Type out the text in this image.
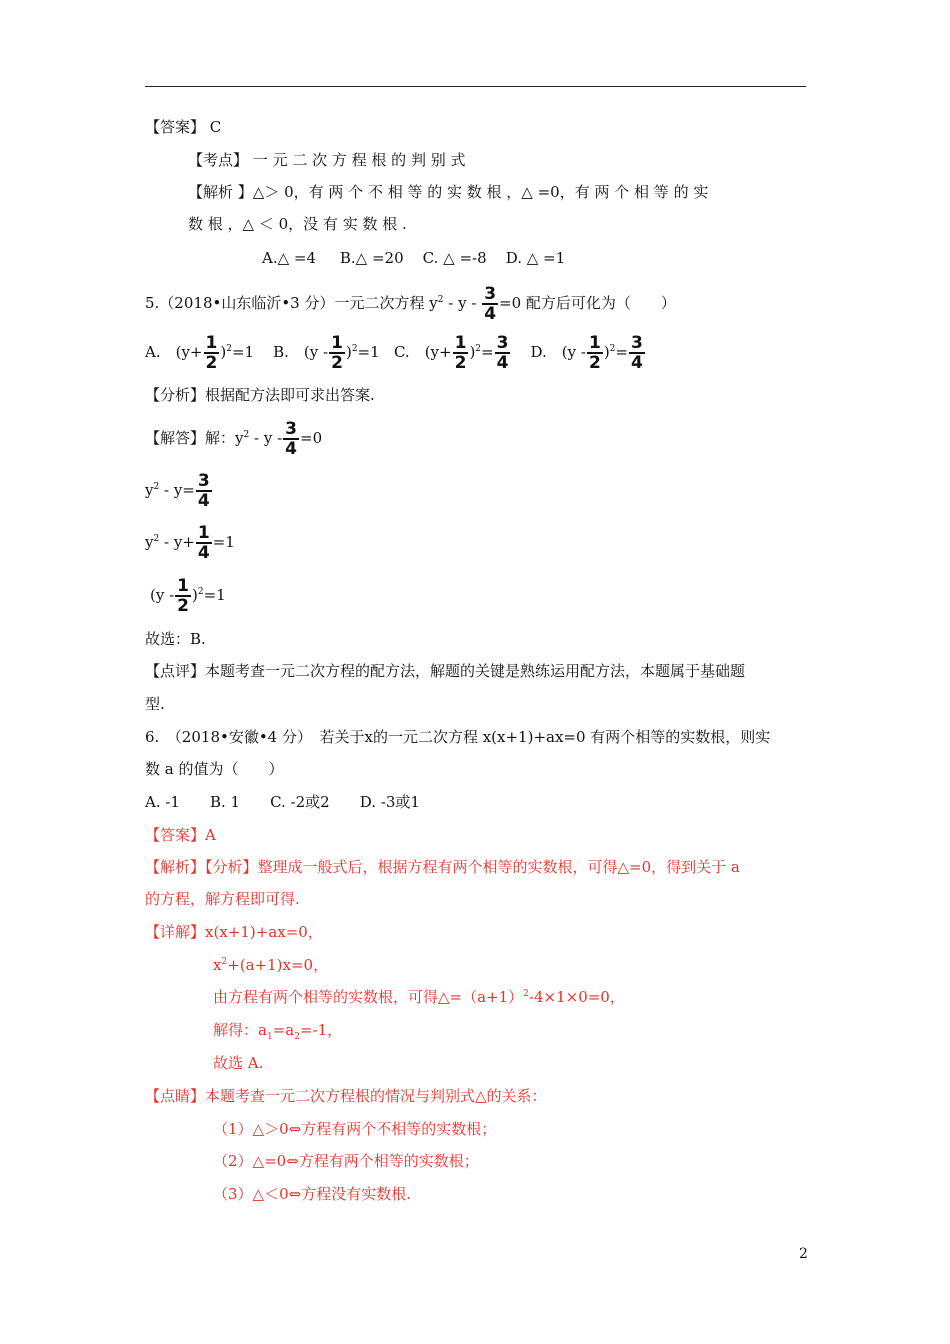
【答案】 C
【考点】 一 元 二 次 方 程 根 的 判 别 式
【解析 】△＞ 0，有 两 个 不 相 等 的 实 数 根 ，△ =0，有 两 个 相 等 的 实
数 根 ，△ ＜ 0，没 有 实 数 根 .
A.△ =4     B.△ =20    C. △ =-8    D. △ =1
5.（2018•山东临沂•3 分）一元二次方程 $y^2 - y - \frac{3}{4} =0$ 配方后可化为（　　）
A.　$(y+ \frac{1}{2} )^2=1$ B.　$(y - \frac{1}{2} )^2=1$ C.　$(y+ \frac{1}{2} )^2= \frac{3}{4} D$.　$(y - \frac{1}{2} )^2= \frac{3}{4}$
【分析】根据配方法即可求出答案.
【解答】解：$y^2 - y - \frac{3}{4} =0$
$y^2 - y= \frac{3}{4}$
$y^2 - y+ \frac{1}{4} =1$
$(y - \frac{1}{2} )^2=1$
故选：B.
【点评】本题考查一元二次方程的配方法，解题的关键是熟练运用配方法，本题属于基础题
型.
6.　（2018•安徽•4 分）　若关于x的一元二次方程 x(x+1)+ax=0 有两个相等的实数根，则实
数 a 的值为（　　）
A. -1　　B. 1　　C. -2或2　　D. -3或1
【答案】A
【解析】【分析】整理成一般式后，根据方程有两个相等的实数根，可得△=0，得到关于 a
的方程，解方程即可得.
【详解】x(x+1)+ax=0，
$x^2+(a+1)x=0$，
由方程有两个相等的实数根，可得$\triangle=(a+1)^2-4\times 1\times 0=0$，
解得：$a_1=a_2=-1$，
故选 A.
【点睛】本题考查一元二次方程根的情况与判别式△的关系：
（1）△＞0⇔方程有两个不相等的实数根；
（2）△=0⇔方程有两个相等的实数根；
（3）△＜0⇔方程没有实数根.
2
